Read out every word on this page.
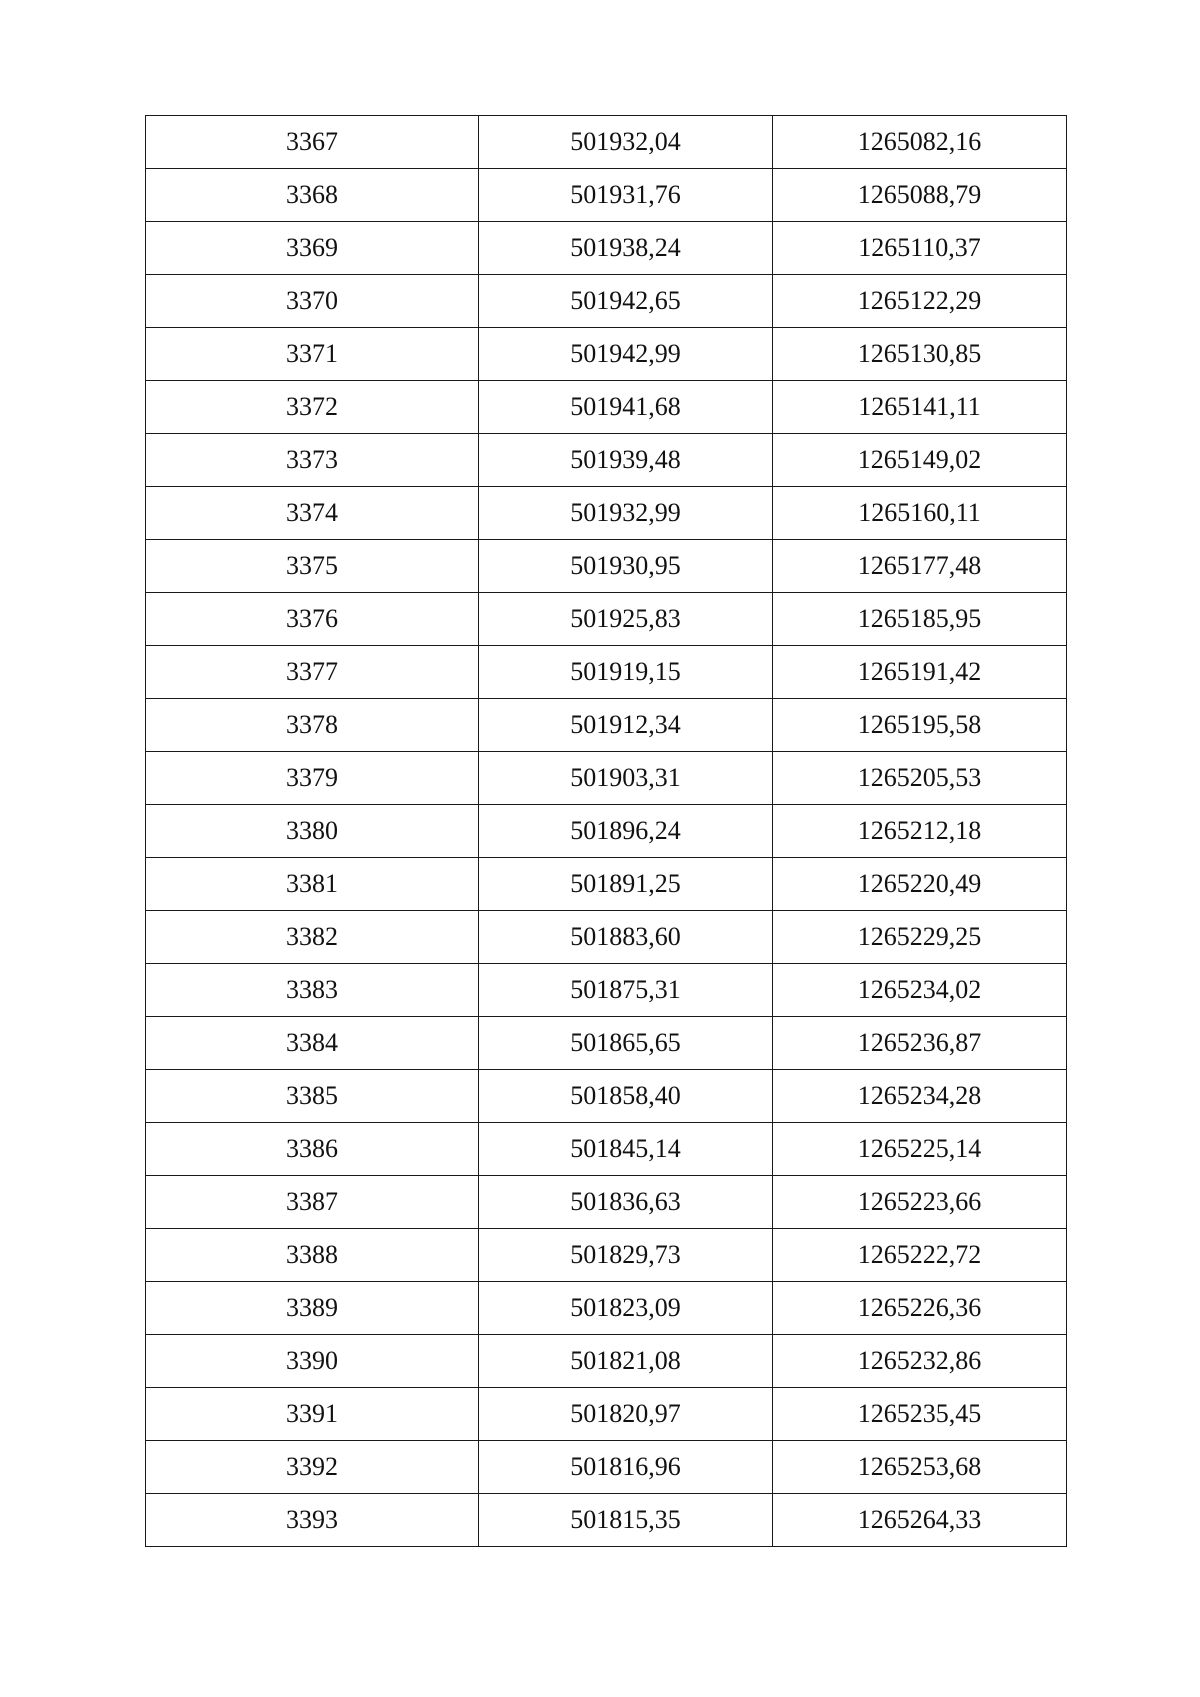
3367	501932,04	1265082,16
3368	501931,76	1265088,79
3369	501938,24	1265110,37
3370	501942,65	1265122,29
3371	501942,99	1265130,85
3372	501941,68	1265141,11
3373	501939,48	1265149,02
3374	501932,99	1265160,11
3375	501930,95	1265177,48
3376	501925,83	1265185,95
3377	501919,15	1265191,42
3378	501912,34	1265195,58
3379	501903,31	1265205,53
3380	501896,24	1265212,18
3381	501891,25	1265220,49
3382	501883,60	1265229,25
3383	501875,31	1265234,02
3384	501865,65	1265236,87
3385	501858,40	1265234,28
3386	501845,14	1265225,14
3387	501836,63	1265223,66
3388	501829,73	1265222,72
3389	501823,09	1265226,36
3390	501821,08	1265232,86
3391	501820,97	1265235,45
3392	501816,96	1265253,68
3393	501815,35	1265264,33
